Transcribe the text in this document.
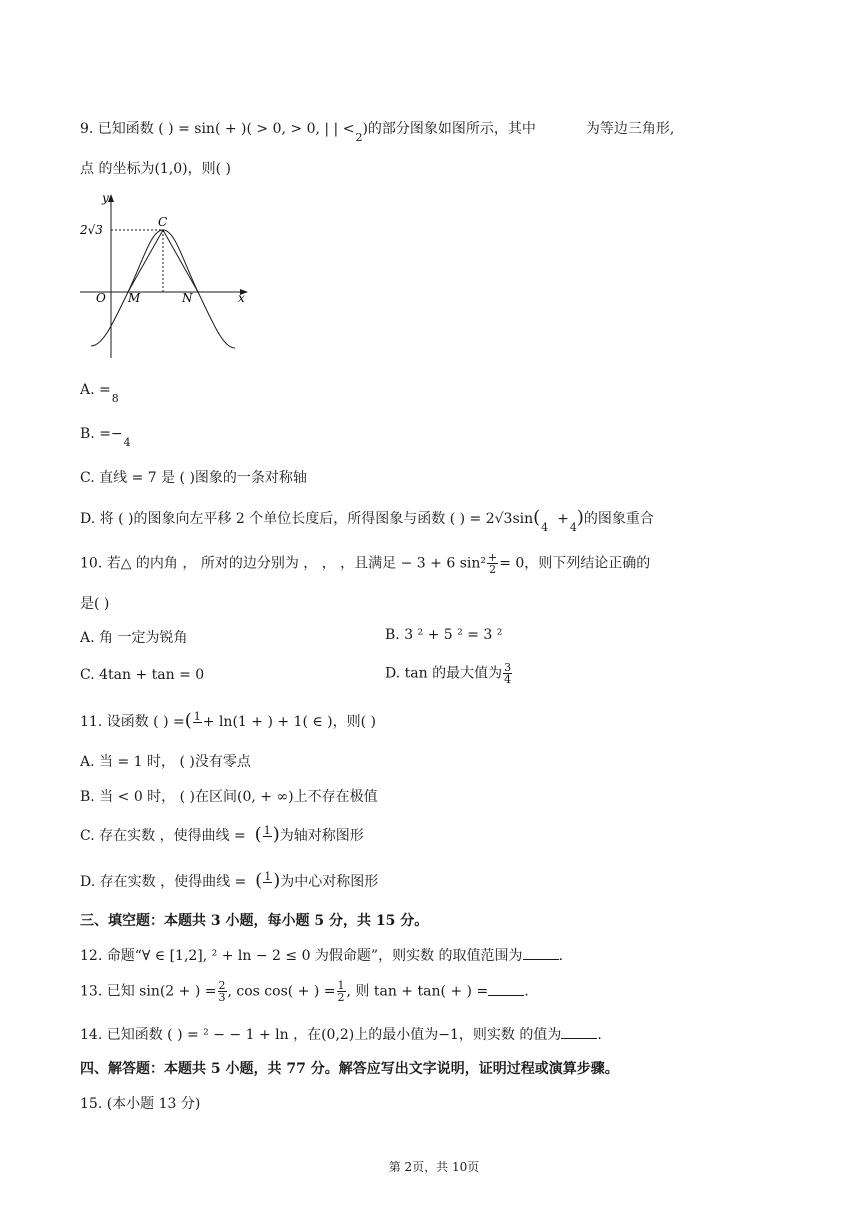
9. 已知函数 ( ) = sin( + )( > 0, > 0, | | <2)的部分图象如图所示，其中	为等边三角形,
点 的坐标为(1,0)，则( )
y
x
O
2√3
C
M	N
A. =8
B. =−4
C. 直线 = 7 是 ( )图象的一条对称轴
D. 将 ( )的图象向左平移 2 个单位长度后，所得图象与函数 ( ) = 2√3sin(4  +4)的图象重合
10. 若△ 的内角 ， 所对的边分别为 ， ， ，且满足 − 3 + 6 $\sin^2 \frac{+}{2} = 0$，则下列结论正确的
是( )
A. 角 一定为锐角	B. 3 ² + 5 ² = 3 ²
C. 4tan + tan = 0	D. tan 的最大值为 $\frac{3}{4}$
11. 设函数 ( ) =( 1
+ ln(1 + ) + 1( ∈ )，则( )
A. 当 = 1 时， ( )没有零点
B. 当 < 0 时， ( )在区间(0, + ∞)上不存在极值
C. 存在实数 ，使得曲线 = ( 1
)为轴对称图形
D. 存在实数 ，使得曲线 = ( 1
)为中心对称图形
三、填空题：本题共 3 小题，每小题 5 分，共 15 分。
12. 命题“∀ ∈ [1,2], ² + ln − 2 ≤ 0 为假命题”，则实数 的取值范围为	.
13. 已知 sin(2 + ) = $\frac{2}{3}$ , cos cos( + ) = $\frac{1}{2}$ , 则 tan + tan( + ) =	.
14. 已知函数 ( ) = ² − − 1 + ln ，在(0,2)上的最小值为−1，则实数 的值为	.
四、解答题：本题共 5 小题，共 77 分。解答应写出文字说明，证明过程或演算步骤。
15. (本小题 13 分)
第 2页，共 10页
